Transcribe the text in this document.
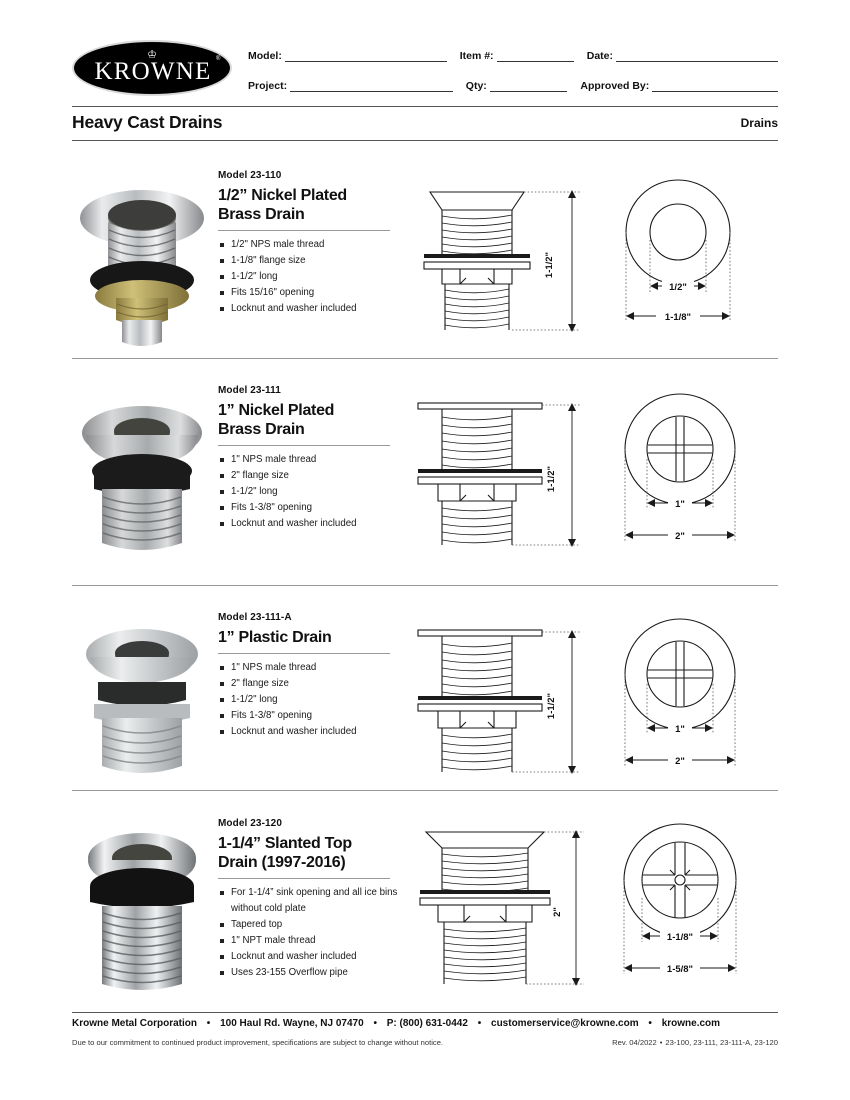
♔
KROWNE ®	Model:	Item #:	Date:
Project:	Qty:	Approved By:
Heavy Cast Drains	Drains
Model 23-110
1/2” Nickel Plated
Brass Drain
1/2" NPS male thread
1-1/8" flange size
1-1/2" long
Fits 15/16" opening
Locknut and washer included
1-1/2"
1/2"
1-1/8"
Model 23-111
1” Nickel Plated
Brass Drain
1" NPS male thread
2" flange size
1-1/2" long
Fits 1-3/8" opening
Locknut and washer included
1-1/2"
1"
2"
Model 23-111-A
1” Plastic Drain
1" NPS male thread
2" flange size
1-1/2" long
Fits 1-3/8" opening
Locknut and washer included
1-1/2"
1"
2"
Model 23-120
1-1/4” Slanted Top
Drain (1997-2016)
For 1-1/4” sink opening and all ice bins without cold plate
Tapered top
1" NPT male thread
Locknut and washer included
Uses 23-155 Overflow pipe
2"
1-1/8"
1-5/8"
Krowne Metal Corporation • 100 Haul Rd. Wayne, NJ 07470 • P: (800) 631-0442 • customerservice@krowne.com • krowne.com
Due to our commitment to continued product improvement, specifications are subject to change without notice.	Rev. 04/2022 • 23-100, 23-111, 23-111-A, 23-120
